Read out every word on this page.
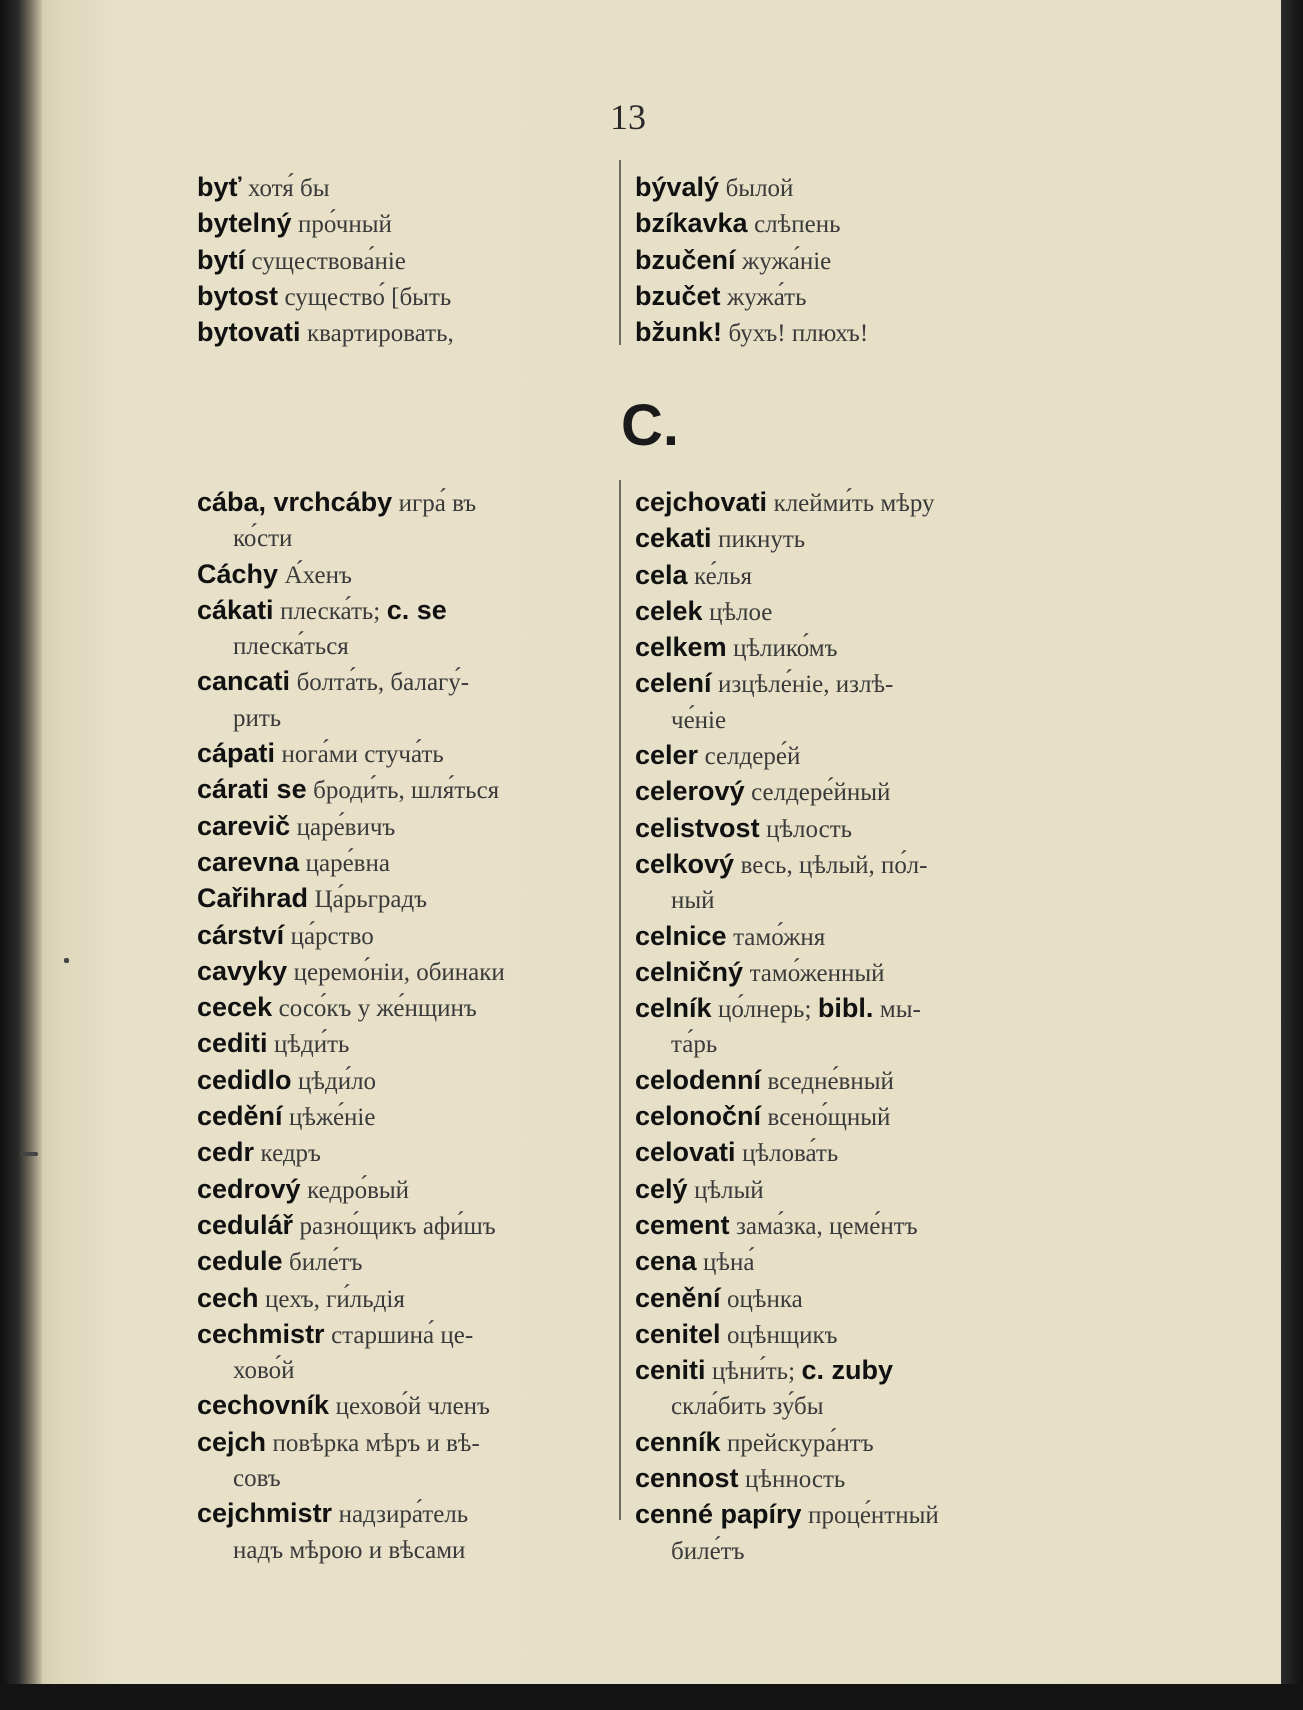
13
byť хотя́ бы
bytelný про́чный
bytí существова́ніе
bytost существо́ [быть
bytovati квартировать,
bývalý былой
bzíkavka слѣпень
bzučení жужа́ніе
bzučet жужа́ть
bžunk! бухъ! плюхъ!
C.
cába, vrchcáby игра́ въ
ко́сти
Cáchy А́хенъ
cákati плеска́ть; c. se
плеска́ться
cancati болта́ть, балагу́-
рить
cápati нога́ми стуча́ть
cárati se броди́ть, шля́ться
carevič царе́вичъ
carevna царе́вна
Cařihrad Ца́рьградъ
cárství ца́рство
cavyky церемо́ніи, обинаки
cecek сосо́къ у же́нщинъ
cediti цѣди́ть
cedidlo цѣди́ло
cedění цѣже́ніе
cedr кедръ
cedrový кедро́вый
cedulář разно́щикъ афи́шъ
cedule биле́тъ
cech цехъ, ги́льдія
cechmistr старшина́ це-
хово́й
cechovník цехово́й членъ
cejch повѣрка мѣръ и вѣ-
совъ
cejchmistr надзира́тель
надъ мѣрою и вѣсами
cejchovati клейми́ть мѣру
cekati пикнуть
cela ке́лья
celek цѣлое
celkem цѣлико́мъ
celení изцѣле́ніе, излѣ-
че́ніе
celer селдере́й
celerový селдере́йный
celistvost цѣлость
celkový весь, цѣлый, по́л-
ный
celnice тамо́жня
celničný тамо́женный
celník цо́лнерь; bibl. мы-
та́рь
celodenní вседне́вный
celonoční всено́щный
celovati цѣлова́ть
celý цѣлый
cement зама́зка, цеме́нтъ
cena цѣна́
cenění оцѣнка
cenitel оцѣнщикъ
ceniti цѣни́ть; c. zuby
скла́бить зу́бы
cenník прейскура́нтъ
cennost цѣнность
cenné papíry проце́нтный
биле́тъ
